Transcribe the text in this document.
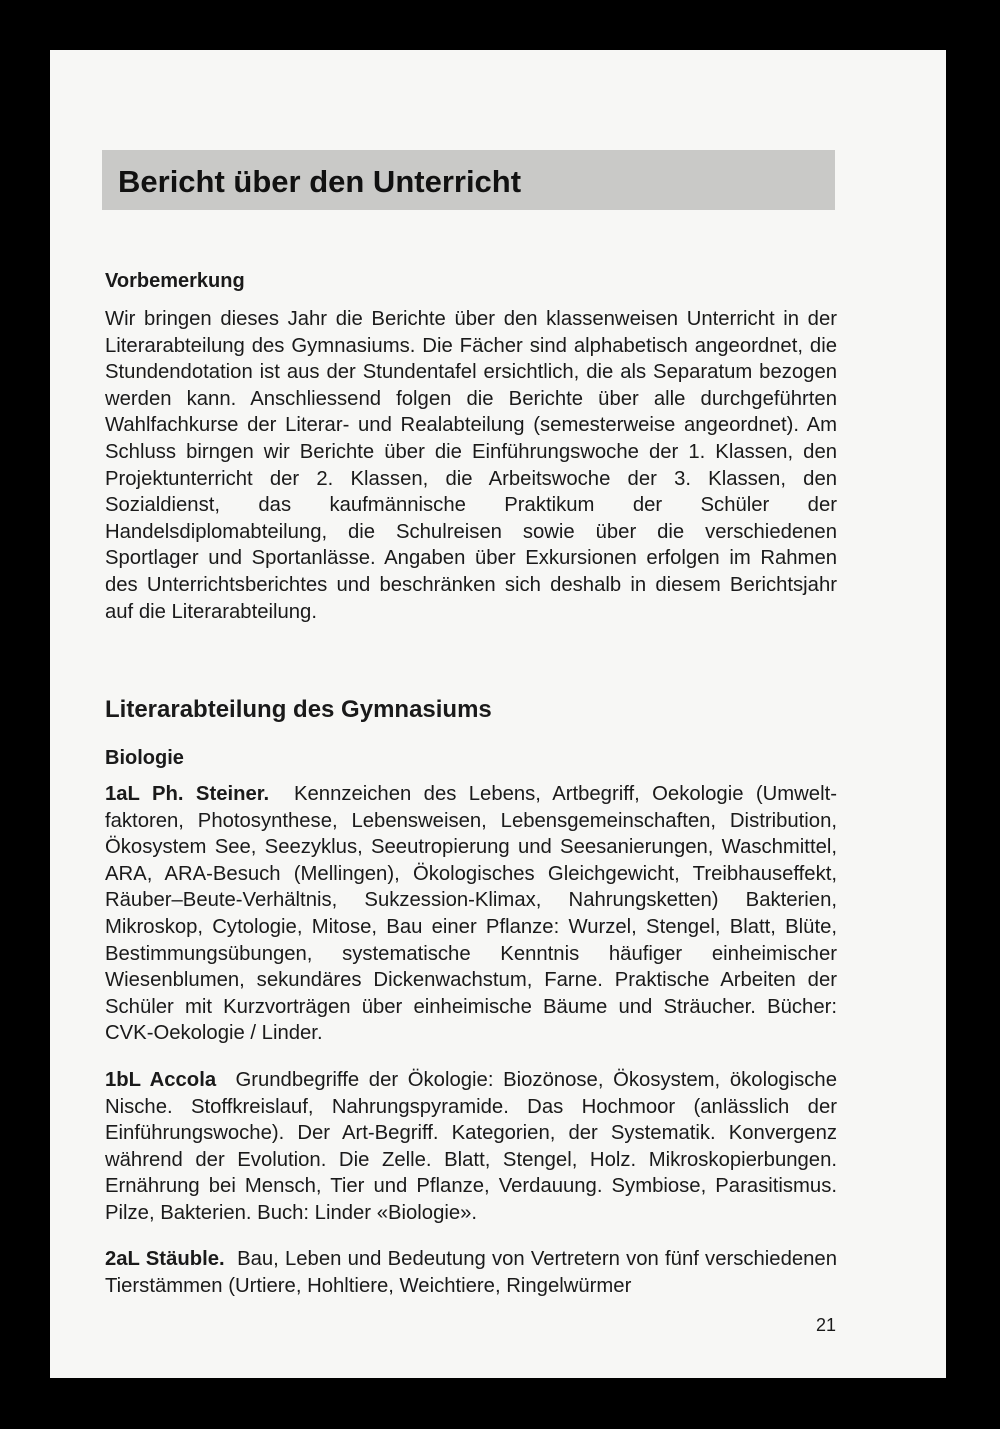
Bericht über den Unterricht
Vorbemerkung

Wir bringen dieses Jahr die Berichte über den klassenweisen Unterricht in der Literarabteilung des Gymnasiums. Die Fächer sind alphabetisch angeordnet, die Stundendotation ist aus der Stundentafel ersichtlich, die als Separatum bezogen werden kann. Anschliessend folgen die Berichte über alle durchgeführten Wahlfachkurse der Literar- und Realabteilung (semesterweise angeordnet). Am Schluss birngen wir Berichte über die Einführungswoche der 1. Klassen, den Projektunterricht der 2. Klassen, die Arbeitswoche der 3. Klassen, den Sozialdienst, das kaufmännische Praktikum der Schüler der Handelsdiplomabteilung, die Schulreisen sowie über die verschiedenen Sportlager und Sportanlässe. Angaben über Exkursionen erfolgen im Rahmen des Unterrichtsberichtes und beschränken sich deshalb in diesem Berichtsjahr auf die Literarabteilung.

Literarabteilung des Gymnasiums
Biologie

1aL Ph. Steiner. Kennzeichen des Lebens, Artbegriff, Oekologie (Umweltfaktoren, Photosynthese, Lebensweisen, Lebensgemeinschaften, Distribution, Ökosystem See, Seezyklus, Seeutropierung und Seesanierungen, Waschmittel, ARA, ARA-Besuch (Mellingen), Ökologisches Gleichgewicht, Treibhauseffekt, Räuber–Beute-Verhältnis, Sukzession-Klimax, Nahrungsketten) Bakterien, Mikroskop, Cytologie, Mitose, Bau einer Pflanze: Wurzel, Stengel, Blatt, Blüte, Bestimmungsübungen, systematische Kenntnis häufiger einheimischer Wiesenblumen, sekundäres Dickenwachstum, Farne. Praktische Arbeiten der Schüler mit Kurzvorträgen über einheimische Bäume und Sträucher. Bücher: CVK-Oekologie / Linder.

1bL Accola Grundbegriffe der Ökologie: Biozönose, Ökosystem, ökologische Nische. Stoffkreislauf, Nahrungspyramide. Das Hochmoor (anlässlich der Einführungswoche). Der Art-Begriff. Kategorien, der Systematik. Konvergenz während der Evolution. Die Zelle. Blatt, Stengel, Holz. Mikroskopierbungen. Ernährung bei Mensch, Tier und Pflanze, Verdauung. Symbiose, Parasitismus. Pilze, Bakterien. Buch: Linder «Biologie».

2aL Stäuble. Bau, Leben und Bedeutung von Vertretern von fünf verschiedenen Tierstämmen (Urtiere, Hohltiere, Weichtiere, Ringelwürmer

21
